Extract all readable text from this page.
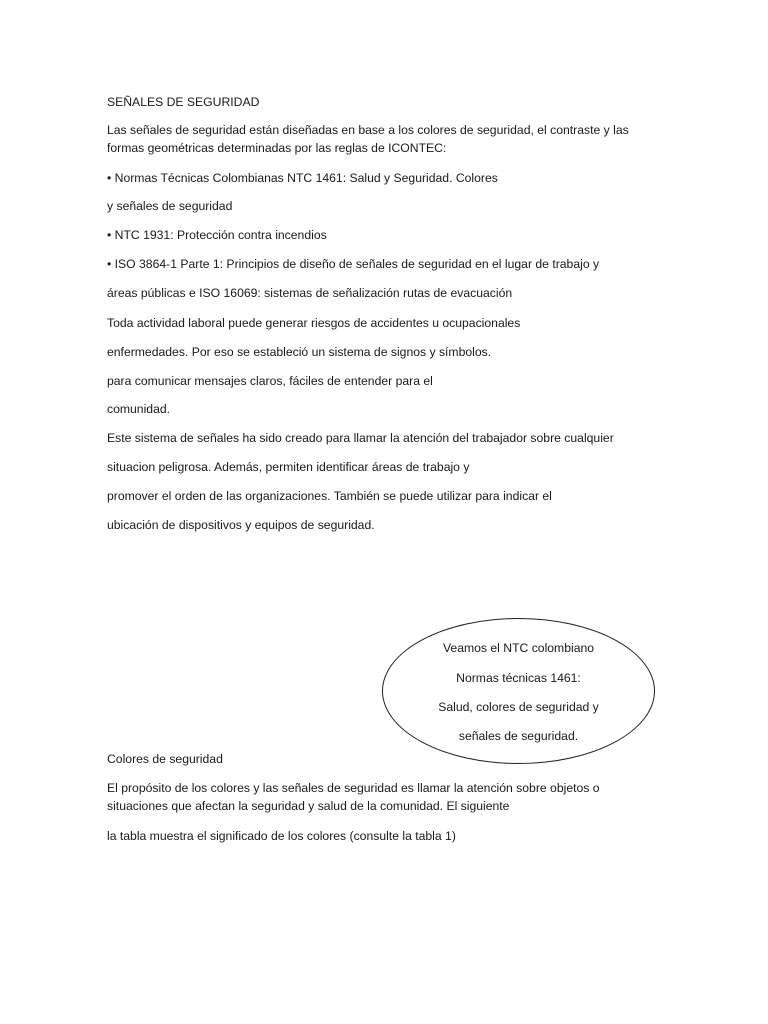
SEÑALES DE SEGURIDAD
Las señales de seguridad están diseñadas en base a los colores de seguridad, el contraste y las
formas geométricas determinadas por las reglas de ICONTEC:
• Normas Técnicas Colombianas NTC 1461: Salud y Seguridad. Colores
y señales de seguridad
• NTC 1931: Protección contra incendios
• ISO 3864-1 Parte 1: Principios de diseño de señales de seguridad en el lugar de trabajo y
áreas públicas e ISO 16069: sistemas de señalización rutas de evacuación
Toda actividad laboral puede generar riesgos de accidentes u ocupacionales
enfermedades. Por eso se estableció un sistema de signos y símbolos.
para comunicar mensajes claros, fáciles de entender para el
comunidad.
Este sistema de señales ha sido creado para llamar la atención del trabajador sobre cualquier
situacion peligrosa. Además, permiten identificar áreas de trabajo y
promover el orden de las organizaciones. También se puede utilizar para indicar el
ubicación de dispositivos y equipos de seguridad.
Veamos el NTC colombiano
Normas técnicas 1461:
Salud, colores de seguridad y
señales de seguridad.
Colores de seguridad
El propósito de los colores y las señales de seguridad es llamar la atención sobre objetos o
situaciones que afectan la seguridad y salud de la comunidad. El siguiente
la tabla muestra el significado de los colores (consulte la tabla 1)
